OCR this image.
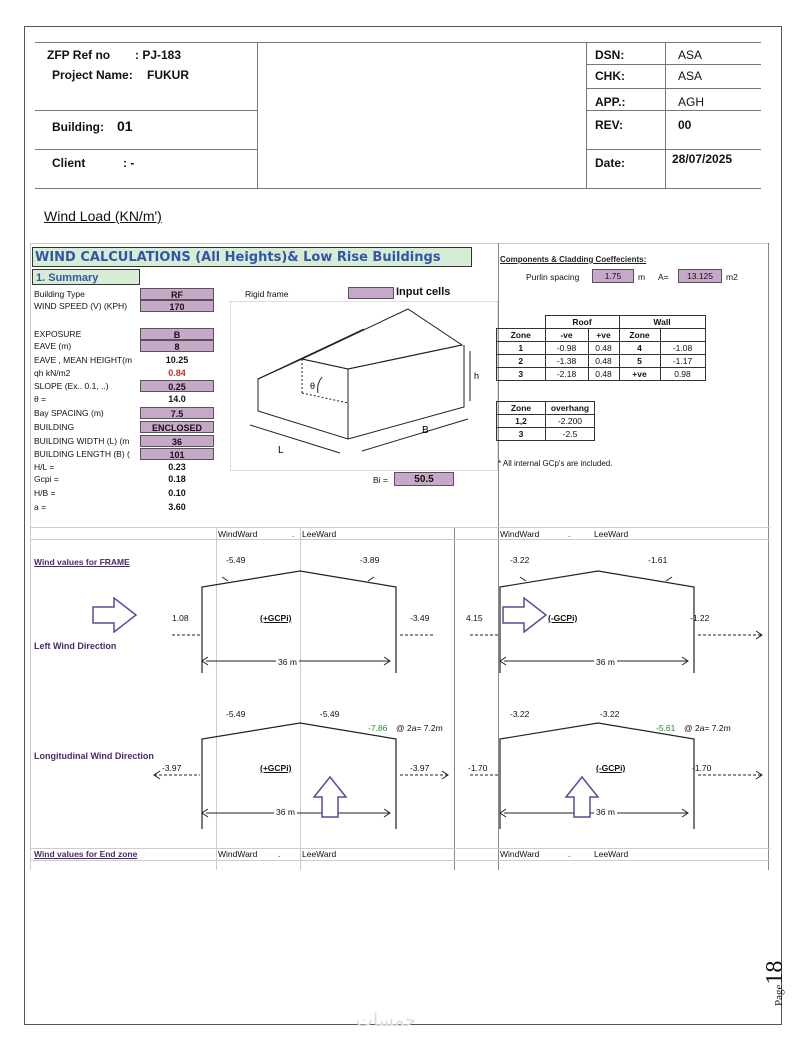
ZFP Ref no : PJ-183
Project Name: FUKUR
Building: 01
Client	: -
DSN:	ASA
CHK:	ASA
APP.:	AGH
REV:	00
Date:	28/07/2025
Wind Load (KN/m')
WIND CALCULATIONS (All Heights)& Low Rise Buildings
1. Summary
Building Type	RF
WIND SPEED (V) (KPH)	170
EXPOSURE	B
EAVE (m)	8
EAVE , MEAN HEIGHT(m	10.25
qh kN/m2	0.84
SLOPE (Ex.. 0.1, ..)	0.25
θ =	14.0
Bay SPACING (m)	7.5
BUILDING	ENCLOSED
BUILDING WIDTH (L) (m	36
BUILDING LENGTH (B) (	101
H/L =	0.23
Gcpi =	0.18
H/B =	0.10
a =	3.60
Rigid frame	Input cells
h
θ
L
B
Bi =	50.5
Components & Cladding Coeffecients:
Purlin spacing	1.75	m A=	13.125	m2
	Roof		Wall	
Zone	-ve	+ve	Zone	
1	-0.98	0.48	4	-1.08
2	-1.38	0.48	5	-1.17
3	-2.18	0.48	+ve	0.98
Zone	overhang
1,2	-2.200
3	-2.5
* All internal GCp's are included.
WindWard	. LeeWard	WindWard	.	LeeWard
Wind values for FRAME
Left Wind Direction
Longitudinal Wind Direction
WindWard .	LeeWard	WindWard	.	LeeWard
Wind values for End zone
-5.49	-3.89
1.08	-3.49
(+GCPi)
36 m
-3.22	-1.61
4.15	-1.22
(-GCPi)
36 m
-5.49	-5.49
-7.86 @ 2a= 7.2m
-3.97	-3.97
(+GCPi)
36 m
-3.22	-3.22
-5.61 @ 2a= 7.2m
-1.70	-1.70
(-GCPi)
36 m
Page18
خمسات
